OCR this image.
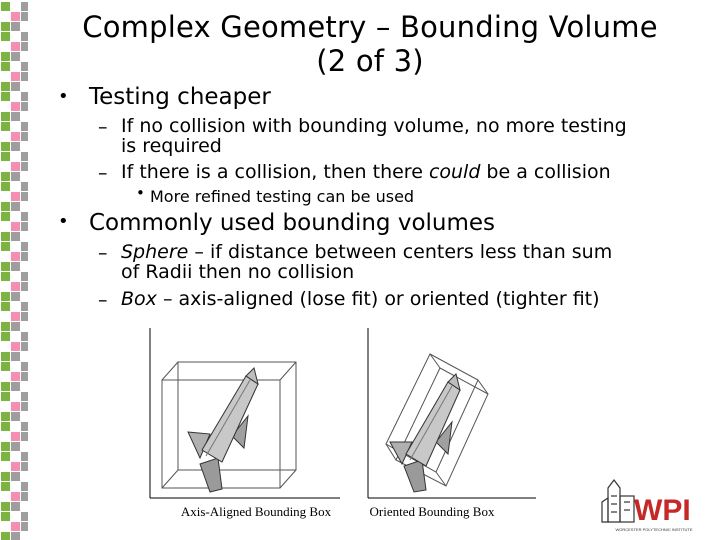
Complex Geometry – Bounding Volume
(2 of 3)
• Testing cheaper
– If no collision with bounding volume, no more testing
is required
– If there is a collision, then there could be a collision
• More refined testing can be used
• Commonly used bounding volumes
– Sphere – if distance between centers less than sum
of Radii then no collision
– Box – axis-aligned (lose fit) or oriented (tighter fit)
Axis-Aligned Bounding Box	Oriented Bounding Box	WPI
WORCESTER POLYTECHNIC INSTITUTE
